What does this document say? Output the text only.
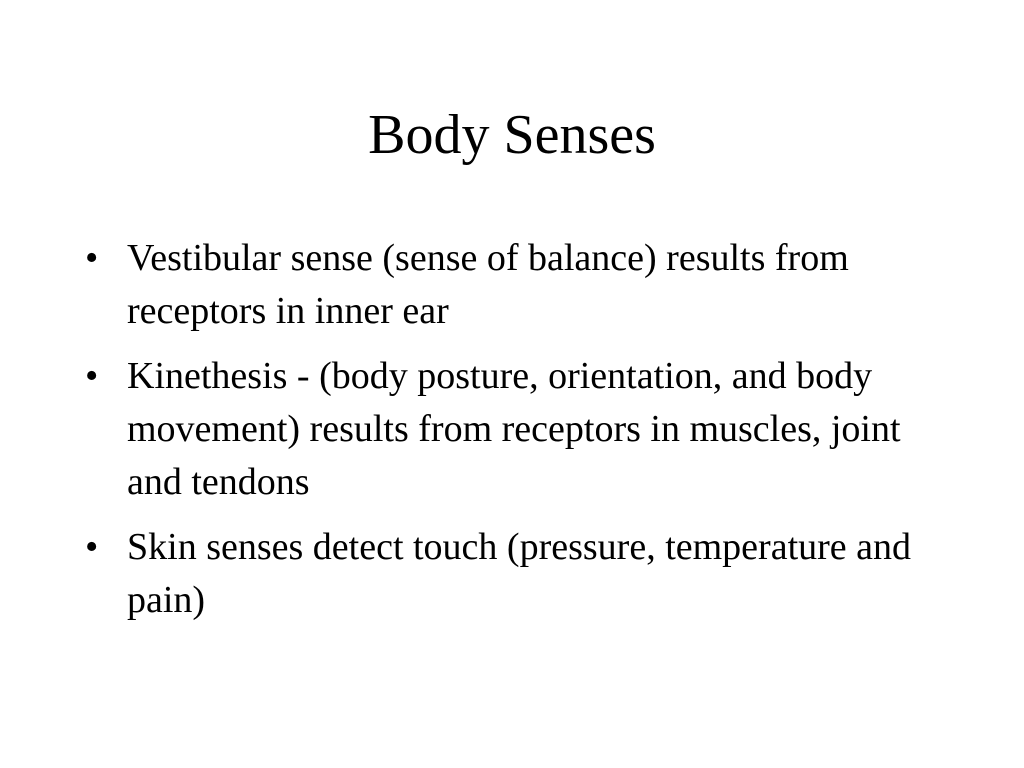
Body Senses
• Vestibular sense (sense of balance) results from receptors in inner ear
• Kinethesis - (body posture, orientation, and body movement) results from receptors in muscles, joint and tendons
• Skin senses detect touch (pressure, temperature and pain)
